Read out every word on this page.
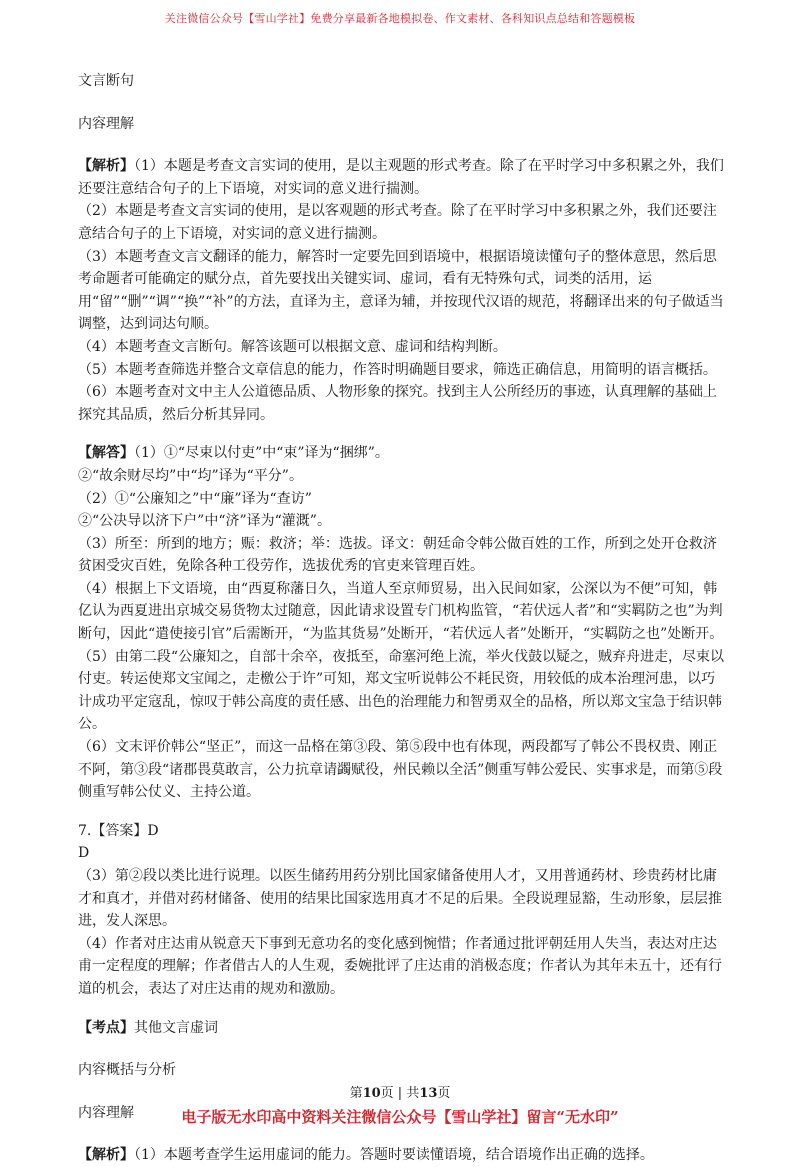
关注微信公众号【雪山学社】免费分享最新各地模拟卷、作文素材、各科知识点总结和答题模板

文言断句

内容理解

【解析】（1）本题是考查文言实词的使用，是以主观题的形式考查。除了在平时学习中多积累之外，我们还要注意结合句子的上下语境，对实词的意义进行揣测。

（2）本题是考查文言实词的使用，是以客观题的形式考查。除了在平时学习中多积累之外，我们还要注意结合句子的上下语境，对实词的意义进行揣测。

（3）本题考查文言文翻译的能力，解答时一定要先回到语境中，根据语境读懂句子的整体意思，然后思考命题者可能确定的赋分点，首先要找出关键实词、虚词，看有无特殊句式，词类的活用，运用“留”“删”“调”“换”“补”的方法，直译为主，意译为辅，并按现代汉语的规范，将翻译出来的句子做适当调整，达到词达句顺。

（4）本题考查文言断句。解答该题可以根据文意、虚词和结构判断。

（5）本题考查筛选并整合文章信息的能力，作答时明确题目要求，筛选正确信息，用简明的语言概括。

（6）本题考查对文中主人公道德品质、人物形象的探究。找到主人公所经历的事迹，认真理解的基础上探究其品质，然后分析其异同。

【解答】（1）①“尽束以付吏”中“束”译为“捆绑”。

②“故余财尽均”中“均”译为“平分”。

（2）①“公廉知之”中“廉”译为“查访”

②“公决导以济下户”中“济”译为“灌溉”。

（3）所至：所到的地方；赈：救济；举：选拔。译文：朝廷命令韩公做百姓的工作，所到之处开仓救济贫困受灾百姓，免除各种工役劳作，选拔优秀的官吏来管理百姓。

（4）根据上下文语境，由“西夏称藩日久，当道人至京师贸易，出入民间如家，公深以为不便”可知，韩亿认为西夏进出京城交易货物太过随意，因此请求设置专门机构监管，“若伏远人者”和“实羁防之也”为判断句，因此“遣使接引官”后需断开，“为监其货易”处断开，“若伏远人者”处断开，“实羁防之也”处断开。

（5）由第二段“公廉知之，自部十余卒，夜抵至，命塞河绝上流，举火伐鼓以疑之，贼弃舟进走，尽束以付吏。转运使郑文宝闻之，走檄公于许”可知，郑文宝听说韩公不耗民资，用较低的成本治理河患，以巧计成功平定寇乱，惊叹于韩公高度的责任感、出色的治理能力和智勇双全的品格，所以郑文宝急于结识韩公。

（6）文末评价韩公“坚正”，而这一品格在第③段、第⑤段中也有体现，两段都写了韩公不畏权贵、刚正不阿，第③段“诸郡畏莫敢言，公力抗章请蠲赋役，州民赖以全活”侧重写韩公爱民、实事求是，而第⑤段侧重写韩公仗义、主持公道。

7.【答案】D

D

（3）第②段以类比进行说理。以医生储药用药分别比国家储备使用人才，又用普通药材、珍贵药材比庸才和真才，并借对药材储备、使用的结果比国家选用真才不足的后果。全段说理显豁，生动形象，层层推进，发人深思。

（4）作者对庄达甫从锐意天下事到无意功名的变化感到惋惜；作者通过批评朝廷用人失当，表达对庄达甫一定程度的理解；作者借古人的人生观，委婉批评了庄达甫的消极态度；作者认为其年未五十，还有行道的机会，表达了对庄达甫的规劝和激励。

【考点】其他文言虚词

内容概括与分析

内容理解

【解析】（1）本题考查学生运用虚词的能力。答题时要读懂语境，结合语境作出正确的选择。

第10页 | 共13页
电子版无水印高中资料关注微信公众号【雪山学社】留言“无水印”
